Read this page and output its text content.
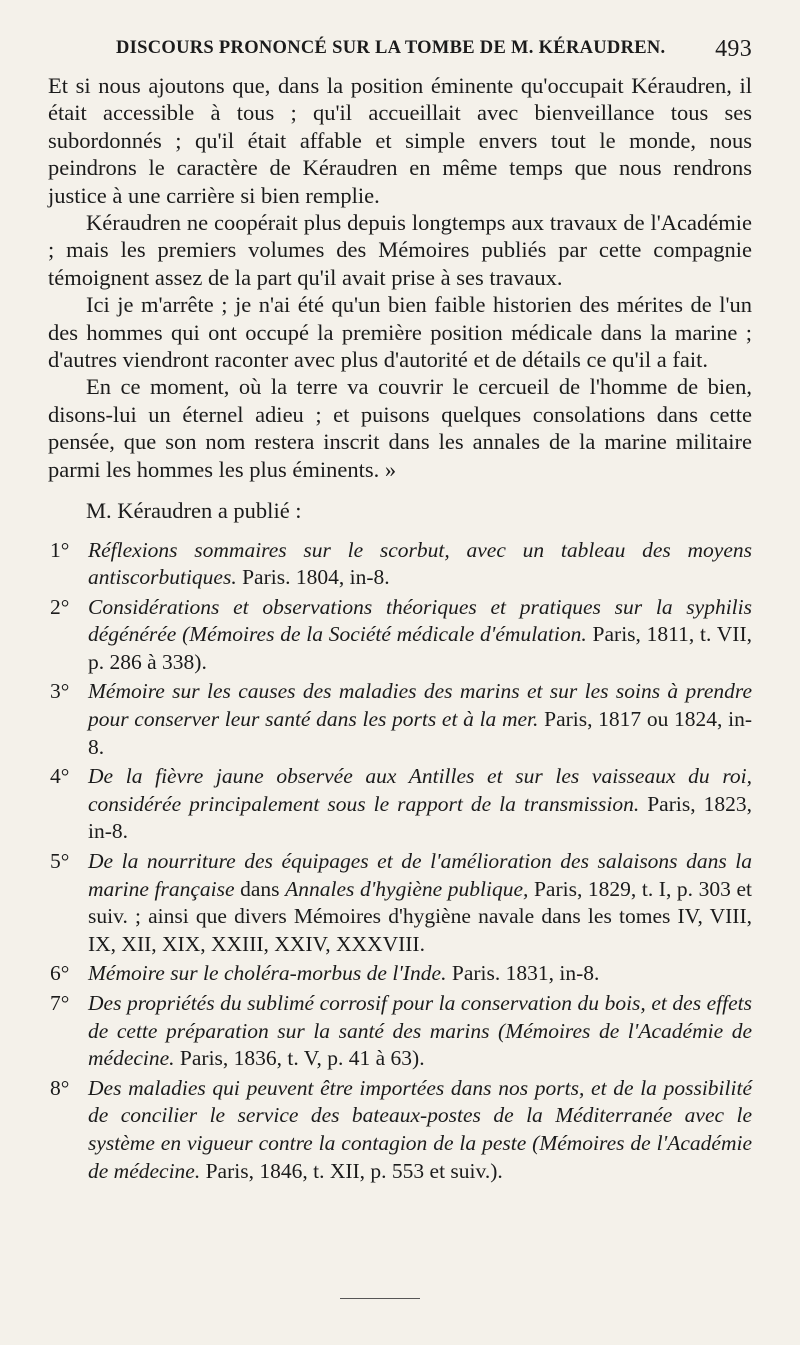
DISCOURS PRONONCÉ SUR LA TOMBE DE M. KÉRAUDREN. 493

Et si nous ajoutons que, dans la position éminente qu'occupait Kéraudren, il était accessible à tous ; qu'il accueillait avec bienveillance tous ses subordonnés ; qu'il était affable et simple envers tout le monde, nous peindrons le caractère de Kéraudren en même temps que nous rendrons justice à une carrière si bien remplie.

Kéraudren ne coopérait plus depuis longtemps aux travaux de l'Académie ; mais les premiers volumes des Mémoires publiés par cette compagnie témoignent assez de la part qu'il avait prise à ses travaux.

Ici je m'arrête ; je n'ai été qu'un bien faible historien des mérites de l'un des hommes qui ont occupé la première position médicale dans la marine ; d'autres viendront raconter avec plus d'autorité et de détails ce qu'il a fait.

En ce moment, où la terre va couvrir le cercueil de l'homme de bien, disons-lui un éternel adieu ; et puisons quelques consolations dans cette pensée, que son nom restera inscrit dans les annales de la marine militaire parmi les hommes les plus éminents. »

M. Kéraudren a publié :

1° Réflexions sommaires sur le scorbut, avec un tableau des moyens antiscorbutiques. Paris. 1804, in-8.
2° Considérations et observations théoriques et pratiques sur la syphilis dégénérée (Mémoires de la Société médicale d'émulation. Paris, 1811, t. VII, p. 286 à 338).
3° Mémoire sur les causes des maladies des marins et sur les soins à prendre pour conserver leur santé dans les ports et à la mer. Paris, 1817 ou 1824, in-8.
4° De la fièvre jaune observée aux Antilles et sur les vaisseaux du roi, considérée principalement sous le rapport de la transmission. Paris, 1823, in-8.
5° De la nourriture des équipages et de l'amélioration des salaisons dans la marine française dans Annales d'hygiène publique, Paris, 1829, t. I, p. 303 et suiv. ; ainsi que divers Mémoires d'hygiène navale dans les tomes IV, VIII, IX, XII, XIX, XXIII, XXIV, XXXVIII.
6° Mémoire sur le choléra-morbus de l'Inde. Paris. 1831, in-8.
7° Des propriétés du sublimé corrosif pour la conservation du bois, et des effets de cette préparation sur la santé des marins (Mémoires de l'Académie de médecine. Paris, 1836, t. V, p. 41 à 63).
8° Des maladies qui peuvent être importées dans nos ports, et de la possibilité de concilier le service des bateaux-postes de la Méditerranée avec le système en vigueur contre la contagion de la peste (Mémoires de l'Académie de médecine. Paris, 1846, t. XII, p. 553 et suiv.).
